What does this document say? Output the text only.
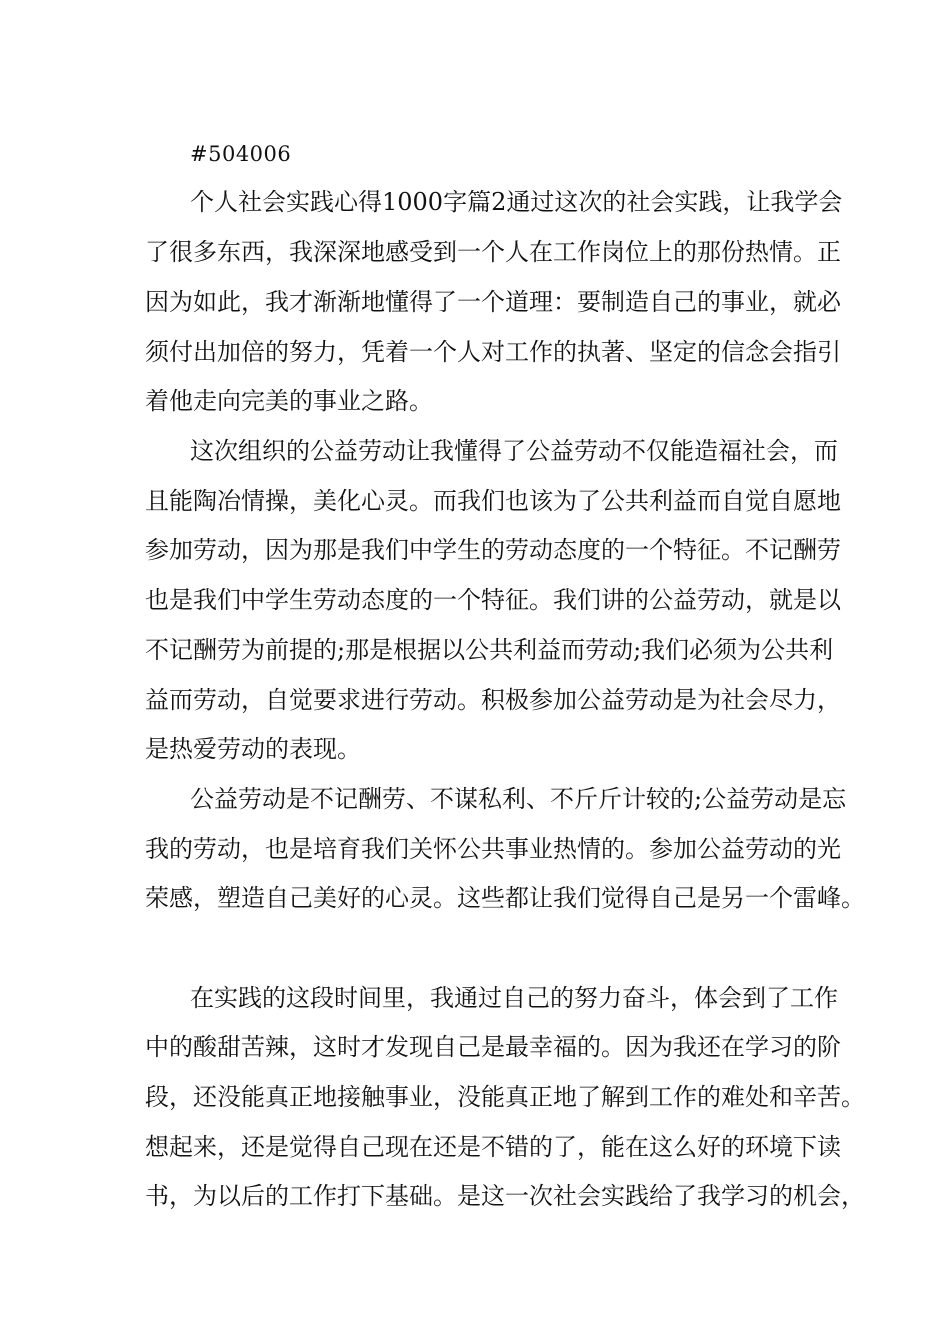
#504006
个人社会实践心得1000字篇2通过这次的社会实践，让我学会
了很多东西，我深深地感受到一个人在工作岗位上的那份热情。正
因为如此，我才渐渐地懂得了一个道理：要制造自己的事业，就必
须付出加倍的努力，凭着一个人对工作的执著、坚定的信念会指引
着他走向完美的事业之路。
这次组织的公益劳动让我懂得了公益劳动不仅能造福社会，而
且能陶冶情操，美化心灵。而我们也该为了公共利益而自觉自愿地
参加劳动，因为那是我们中学生的劳动态度的一个特征。不记酬劳
也是我们中学生劳动态度的一个特征。我们讲的公益劳动，就是以
不记酬劳为前提的;那是根据以公共利益而劳动;我们必须为公共利
益而劳动，自觉要求进行劳动。积极参加公益劳动是为社会尽力，
是热爱劳动的表现。
公益劳动是不记酬劳、不谋私利、不斤斤计较的;公益劳动是忘
我的劳动，也是培育我们关怀公共事业热情的。参加公益劳动的光
荣感，塑造自己美好的心灵。这些都让我们觉得自己是另一个雷峰。
在实践的这段时间里，我通过自己的努力奋斗，体会到了工作
中的酸甜苦辣，这时才发现自己是最幸福的。因为我还在学习的阶
段，还没能真正地接触事业，没能真正地了解到工作的难处和辛苦。
想起来，还是觉得自己现在还是不错的了，能在这么好的环境下读
书，为以后的工作打下基础。是这一次社会实践给了我学习的机会，
